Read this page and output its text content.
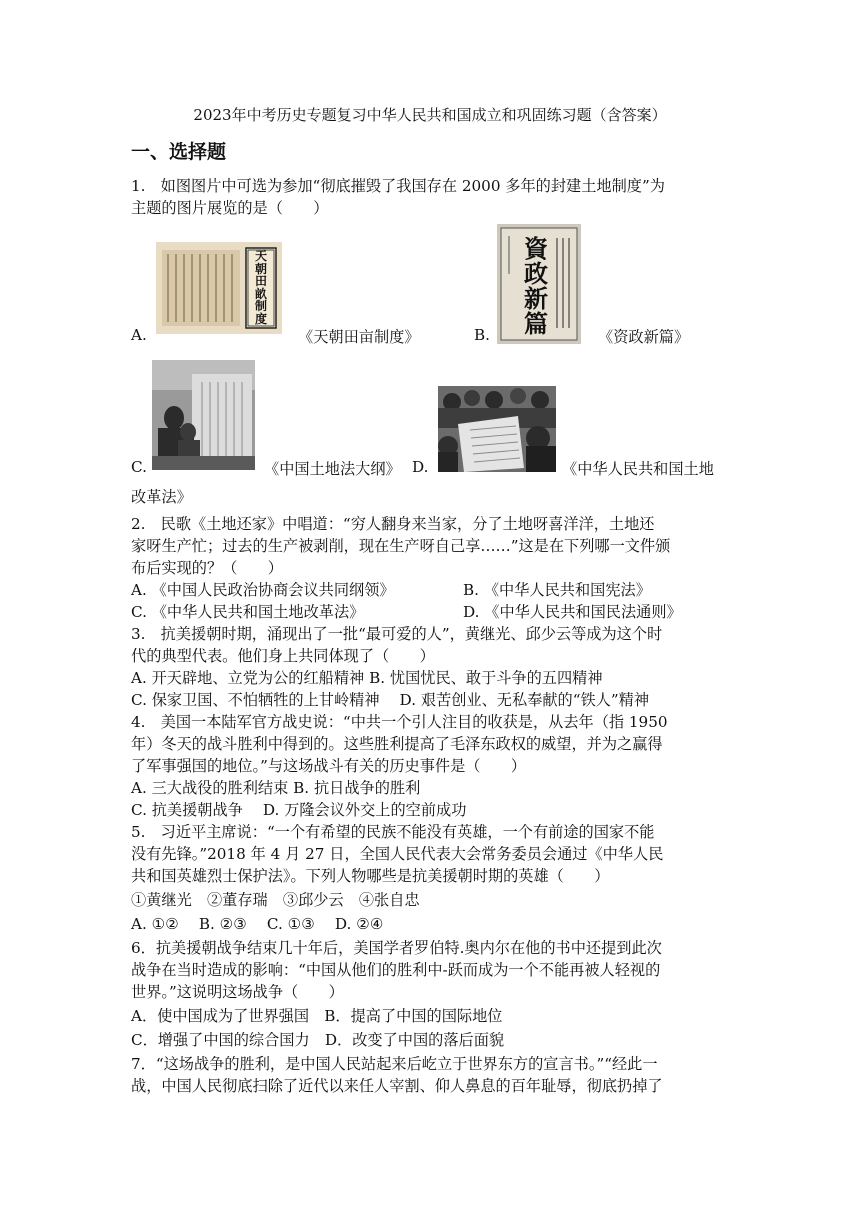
2023年中考历史专题复习中华人民共和国成立和巩固练习题（含答案）
一、选择题
1.　如图图片中可选为参加“彻底摧毁了我国存在 2000 多年的封建土地制度”为
主题的图片展览的是（　　）
天朝田畝制度
A.	《天朝田亩制度》
資政新篇
B.	《资政新篇》
C.	《中国土地法大纲》 D.	《中华人民共和国土地
改革法》
2.　民歌《土地还家》中唱道：“穷人翻身来当家，分了土地呀喜洋洋，土地还
家呀生产忙；过去的生产被剥削，现在生产呀自己享……”这是在下列哪一文件颁
布后实现的？（　　）
A. 《中国人民政治协商会议共同纲领》	B. 《中华人民共和国宪法》
C. 《中华人民共和国土地改革法》	D. 《中华人民共和国民法通则》
3.　抗美援朝时期，涌现出了一批“最可爱的人”，黄继光、邱少云等成为这个时
代的典型代表。他们身上共同体现了（　　）
A. 开天辟地、立党为公的红船精神 B. 忧国忧民、敢于斗争的五四精神
C. 保家卫国、不怕牺牲的上甘岭精神　 D. 艰苦创业、无私奉献的“铁人”精神
4.　美国一本陆军官方战史说：“中共一个引人注目的收获是，从去年（指 1950
年）冬天的战斗胜利中得到的。这些胜利提高了毛泽东政权的威望，并为之赢得
了军事强国的地位。”与这场战斗有关的历史事件是（　　）
A. 三大战役的胜利结束 B. 抗日战争的胜利
C. 抗美援朝战争　 D. 万隆会议外交上的空前成功
5.　习近平主席说：“一个有希望的民族不能没有英雄，一个有前途的国家不能
没有先锋。”2018 年 4 月 27 日，全国人民代表大会常务委员会通过《中华人民
共和国英雄烈士保护法》。下列人物哪些是抗美援朝时期的英雄（　　）
①黄继光　②董存瑞　③邱少云　④张自忠
A. ①②　 B. ②③　 C. ①③　 D. ②④
6．抗美援朝战争结束几十年后，美国学者罗伯特.奥内尔在他的书中还提到此次
战争在当时造成的影响：“中国从他们的胜利中-跃而成为一个不能再被人轻视的
世界。”这说明这场战争（　　）
A．使中国成为了世界强国　B．提高了中国的国际地位
C．增强了中国的综合国力　D．改变了中国的落后面貌
7．“这场战争的胜利，是中国人民站起来后屹立于世界东方的宣言书。”“经此一
战，中国人民彻底扫除了近代以来任人宰割、仰人鼻息的百年耻辱，彻底扔掉了
